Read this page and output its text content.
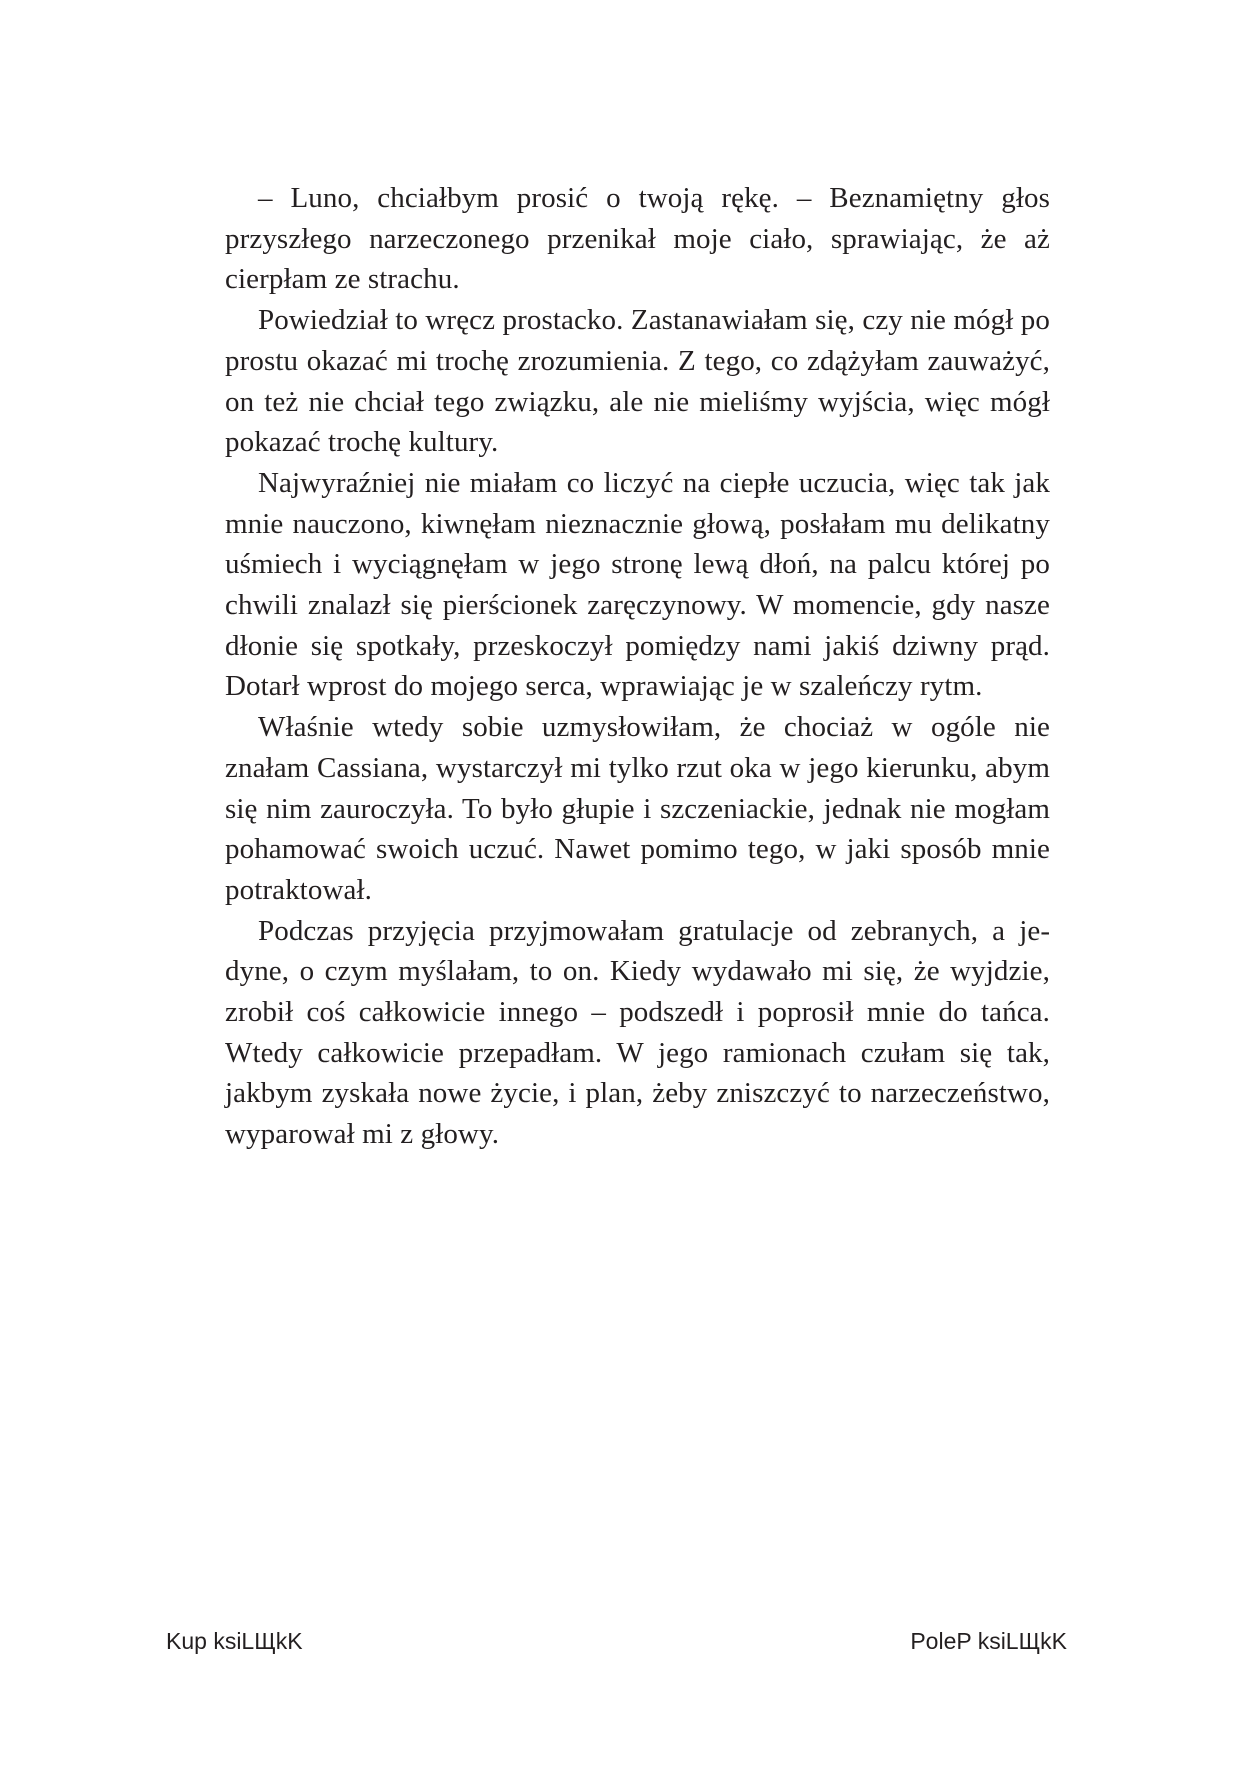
– Luno, chciałbym prosić o twoją rękę. – Beznamiętny głos przyszłego narzeczonego przenikał moje ciało, sprawiając, że aż cierpłam ze strachu.

Powiedział to wręcz prostacko. Zastanawiałam się, czy nie mógł po prostu okazać mi trochę zrozumienia. Z tego, co zdążyłam zauważyć, on też nie chciał tego związku, ale nie mieliśmy wyjścia, więc mógł pokazać trochę kultury.

Najwyraźniej nie miałam co liczyć na ciepłe uczucia, więc tak jak mnie nauczono, kiwnęłam nieznacznie głową, posłałam mu delikatny uśmiech i wyciągnęłam w jego stronę lewą dłoń, na palcu której po chwili znalazł się pierścionek zaręczynowy. W momencie, gdy nasze dłonie się spotkały, przeskoczył pomiędzy nami jakiś dziwny prąd. Dotarł wprost do mojego serca, wprawiając je w szaleńczy rytm.

Właśnie wtedy sobie uzmysłowiłam, że chociaż w ogóle nie znałam Cassiana, wystarczył mi tylko rzut oka w jego kierunku, abym się nim zauroczyła. To było głupie i szczeniackie, jednak nie mogłam pohamować swoich uczuć. Nawet pomimo tego, w jaki sposób mnie potraktował.

Podczas przyjęcia przyjmowałam gratulacje od zebranych, a jedyne, o czym myślałam, to on. Kiedy wydawało mi się, że wyjdzie, zrobił coś całkowicie innego – podszedł i poprosił mnie do tańca. Wtedy całkowicie przepadłam. W jego ramionach czułam się tak, jakbym zyskała nowe życie, i plan, żeby zniszczyć to narzeczeństwo, wyparował mi z głowy.

Kup ksiLЩkK	PoleP ksiLЩkK
